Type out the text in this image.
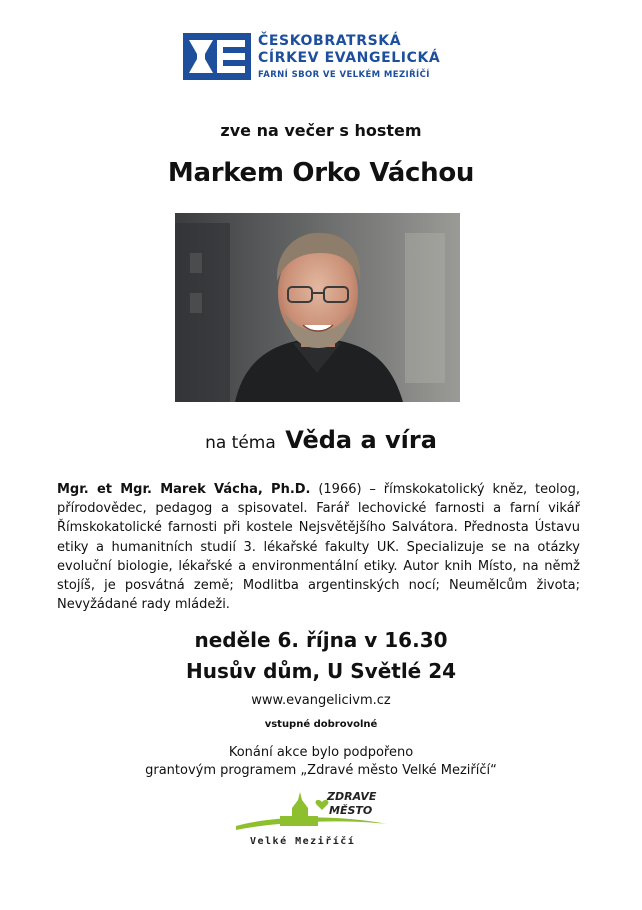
ČESKOBRATRSKÁ
CÍRKEV EVANGELICKÁ
FARNÍ SBOR VE VELKÉM MEZIŘÍČÍ
zve na večer s hostem
Markem Orko Váchou
na téma Věda a víra
Mgr. et Mgr. Marek Vácha, Ph.D. (1966) – římskokatolický kněz, teolog, přírodovědec, pedagog a spisovatel. Farář lechovické farnosti a farní vikář Římskokatolické farnosti při kostele Nejsvětějšího Salvátora. Přednosta Ústavu etiky a humanitních studií 3. lékařské fakulty UK. Specializuje se na otázky evoluční biologie, lékařské a environmentální etiky. Autor knih Místo, na němž stojíš, je posvátná země; Modlitba argentinských nocí; Neumělcům života; Nevyžádané rady mládeži.
neděle 6. října v 16.30
Husův dům, U Světlé 24
www.evangelicivm.cz
vstupné dobrovolné
Konání akce bylo podpořeno
grantovým programem „Zdravé město Velké Meziříčí“
ZDRAVE
MĚSTO
Velké Meziříčí
